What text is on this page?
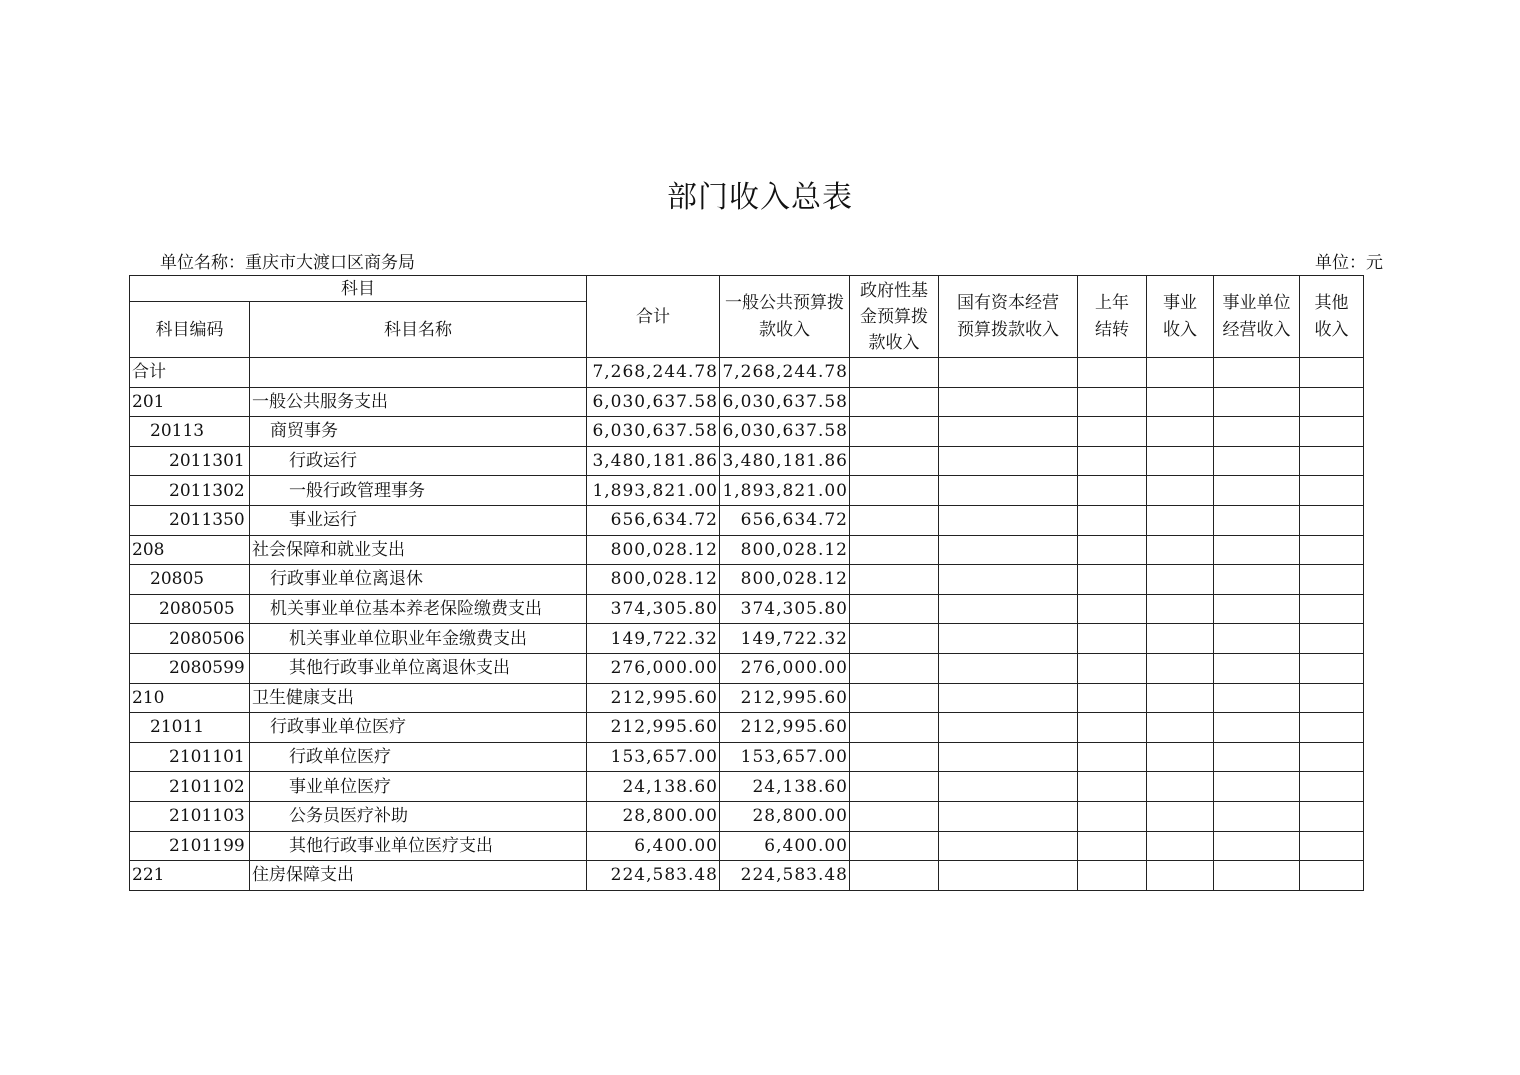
部门收入总表
单位名称：重庆市大渡口区商务局	单位：元
科目		合计	一般公共预算拨款收入	政府性基金预算拨款收入	国有资本经营预算拨款收入	上年结转	事业收入	事业单位经营收入	其他收入
科目编码	科目名称								
合计		7,268,244.78	7,268,244.78						
201	一般公共服务支出	6,030,637.58	6,030,637.58						
20113	商贸事务	6,030,637.58	6,030,637.58						
2011301	行政运行	3,480,181.86	3,480,181.86						
2011302	一般行政管理事务	1,893,821.00	1,893,821.00						
2011350	事业运行	656,634.72	656,634.72						
208	社会保障和就业支出	800,028.12	800,028.12						
20805	行政事业单位离退休	800,028.12	800,028.12						
2080505	机关事业单位基本养老保险缴费支出	374,305.80	374,305.80						
2080506	机关事业单位职业年金缴费支出	149,722.32	149,722.32						
2080599	其他行政事业单位离退休支出	276,000.00	276,000.00						
210	卫生健康支出	212,995.60	212,995.60						
21011	行政事业单位医疗	212,995.60	212,995.60						
2101101	行政单位医疗	153,657.00	153,657.00						
2101102	事业单位医疗	24,138.60	24,138.60						
2101103	公务员医疗补助	28,800.00	28,800.00						
2101199	其他行政事业单位医疗支出	6,400.00	6,400.00						
221	住房保障支出	224,583.48	224,583.48						
